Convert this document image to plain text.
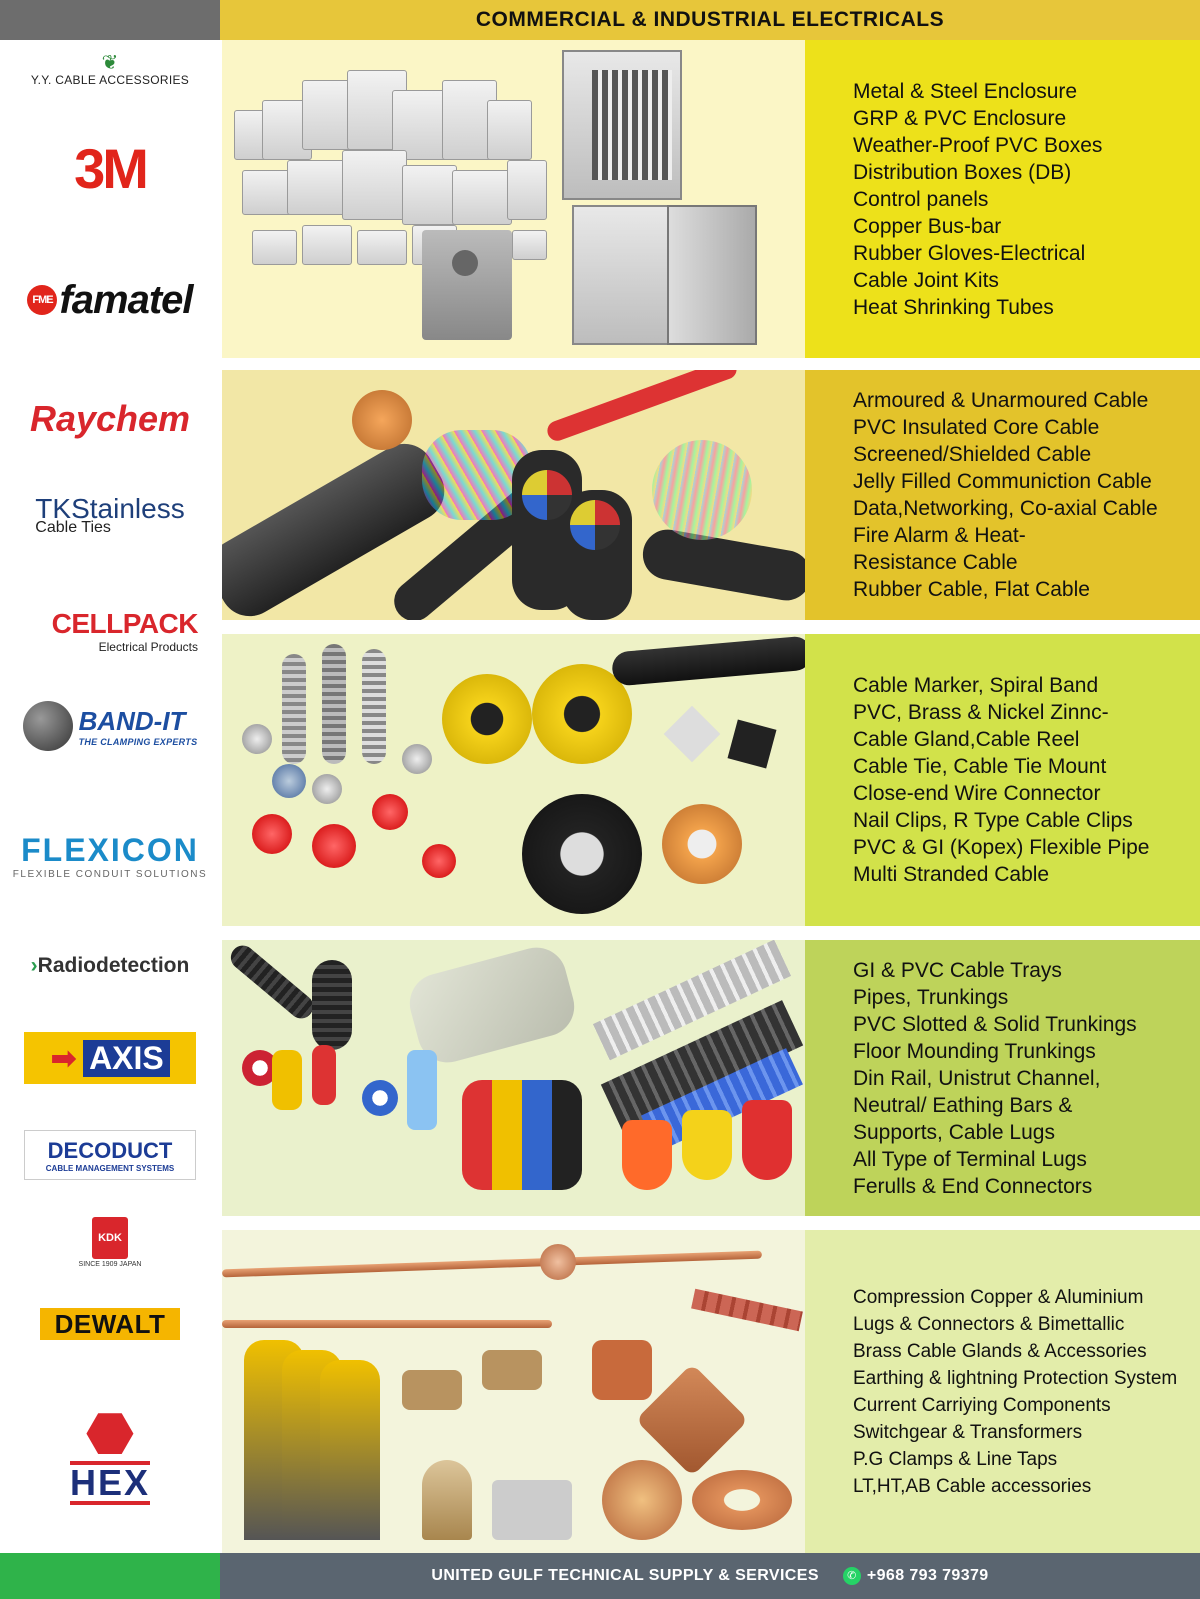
COMMERCIAL & INDUSTRIAL ELECTRICALS
❦
Y.Y. CABLE ACCESSORIES
3M
FME famatel
Raychem
TKStainless
Cable Ties
CELLPACK
Electrical Products
BAND-IT
THE CLAMPING EXPERTS
FLEXICON
FLEXIBLE CONDUIT SOLUTIONS
› Radiodetection
➡ AXIS
DECODUCT
CABLE MANAGEMENT SYSTEMS
KDK
SINCE 1909 JAPAN
DEWALT
⬣
HEX
Metal & Steel Enclosure
GRP & PVC Enclosure
Weather-Proof PVC Boxes
Distribution Boxes (DB)
Control panels
Copper Bus-bar
Rubber Gloves-Electrical
Cable Joint Kits
Heat Shrinking Tubes
Armoured & Unarmoured Cable
PVC Insulated Core Cable
Screened/Shielded Cable
Jelly Filled Communiction Cable
Data,Networking, Co-axial Cable
Fire Alarm & Heat-
Resistance Cable
Rubber Cable, Flat Cable
Cable Marker, Spiral Band
PVC, Brass & Nickel Zinnc-
Cable Gland,Cable Reel
Cable Tie, Cable Tie Mount
Close-end Wire Connector
Nail Clips, R Type Cable Clips
PVC & GI (Kopex) Flexible Pipe
Multi Stranded Cable
GI & PVC Cable Trays
Pipes, Trunkings
PVC Slotted & Solid Trunkings
Floor Mounding Trunkings
Din Rail, Unistrut Channel,
Neutral/ Eathing Bars &
Supports, Cable Lugs
All Type of Terminal Lugs
Ferulls & End Connectors
Compression Copper & Aluminium
Lugs & Connectors & Bimettallic
Brass Cable Glands & Accessories
Earthing & lightning Protection System
Current Carriying Components
Switchgear & Transformers
P.G Clamps & Line Taps
LT,HT,AB Cable accessories
UNITED GULF TECHNICAL SUPPLY & SERVICES	✆ +968 793 79379
